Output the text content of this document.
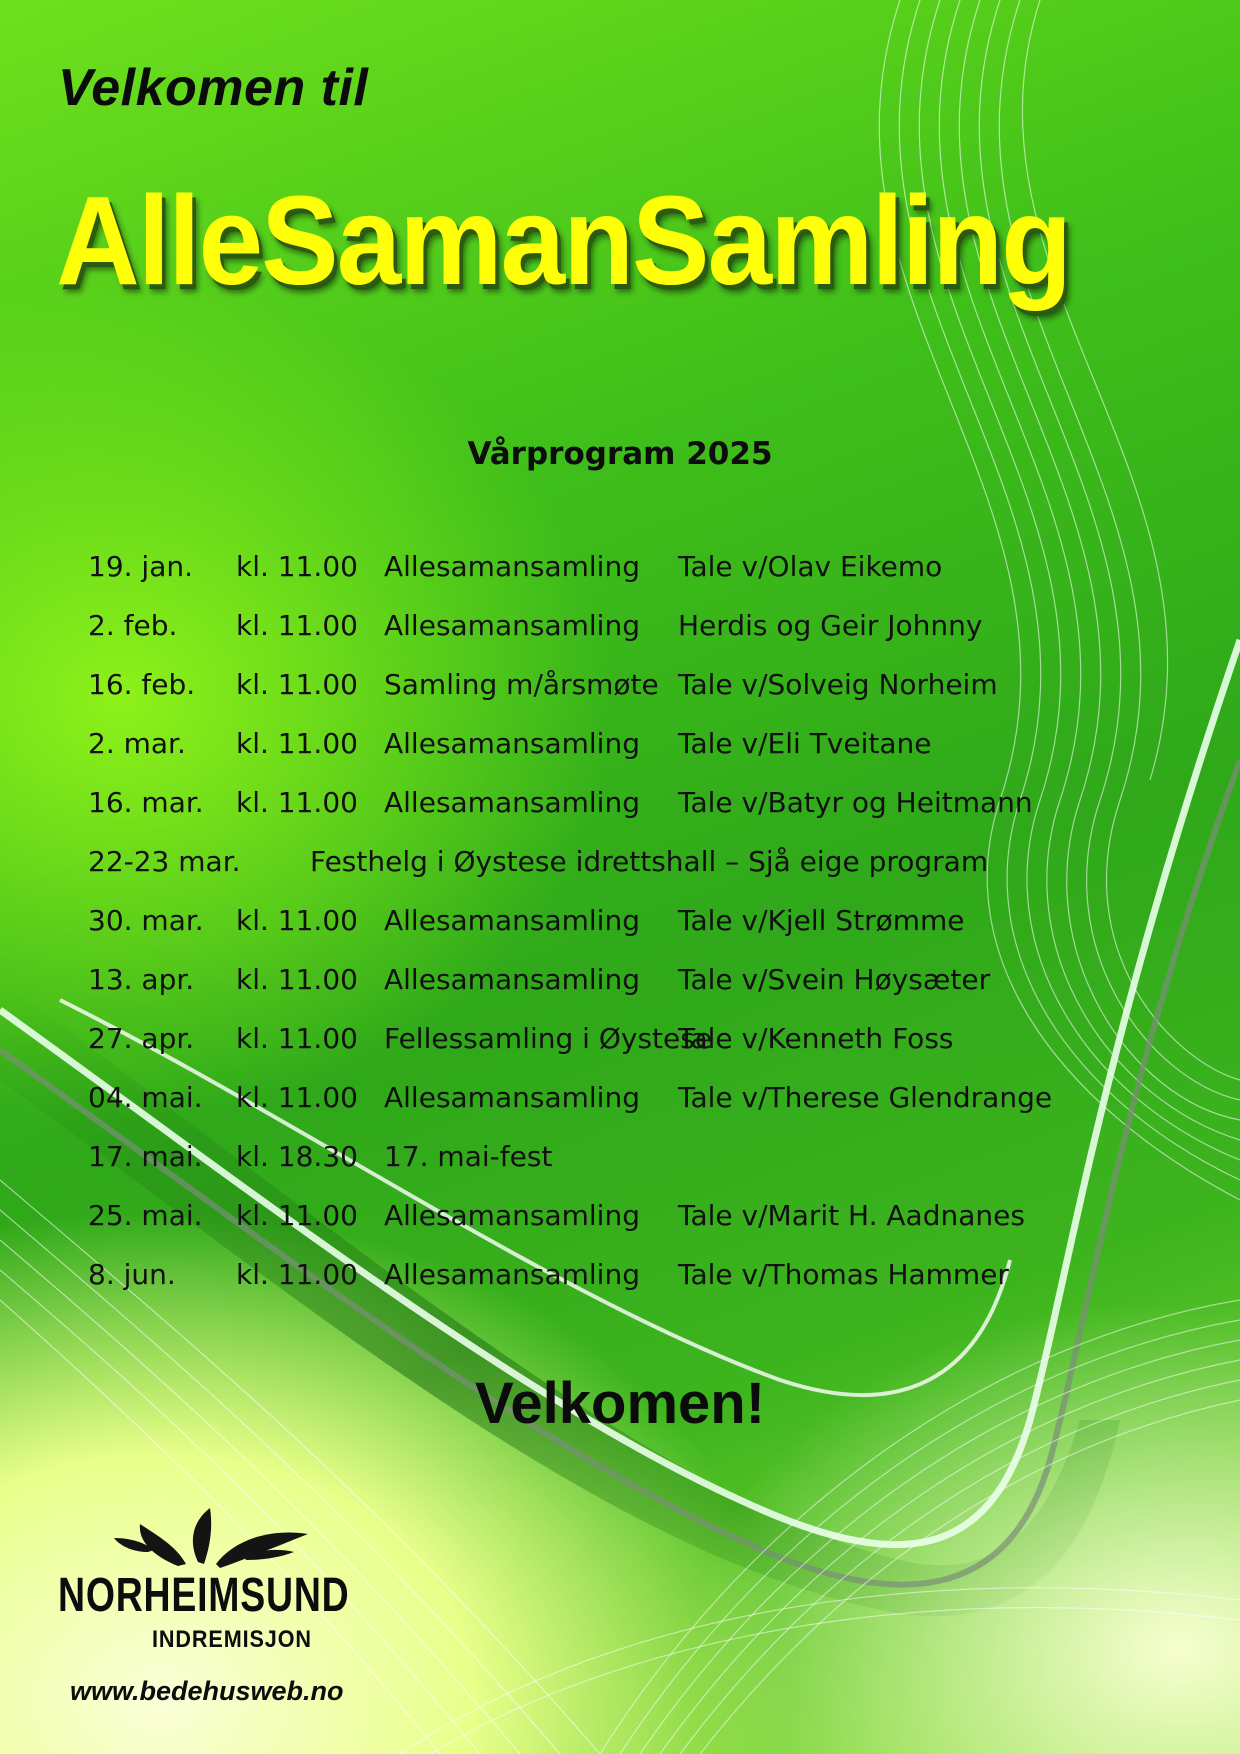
Velkomen til
AlleSamanSamling
Vårprogram 2025
19. jan. kl. 11.00 Allesamansamling Tale v/Olav Eikemo
2. feb. kl. 11.00 Allesamansamling Herdis og Geir Johnny
16. feb. kl. 11.00 Samling m/årsmøte Tale v/Solveig Norheim
2. mar. kl. 11.00 Allesamansamling Tale v/Eli Tveitane
16. mar. kl. 11.00 Allesamansamling Tale v/Batyr og Heitmann
22-23 mar. Festhelg i Øystese idrettshall – Sjå eige program
30. mar. kl. 11.00 Allesamansamling Tale v/Kjell Strømme
13. apr. kl. 11.00 Allesamansamling Tale v/Svein Høysæter
27. apr. kl. 11.00 Fellessamling i Øystese
Tale v/Kenneth Foss
04. mai. kl. 11.00 Allesamansamling Tale v/Therese Glendrange
17. mai. kl. 18.30 17. mai-fest
25. mai. kl. 11.00 Allesamansamling Tale v/Marit H. Aadnanes
8. jun. kl. 11.00 Allesamansamling Tale v/Thomas Hammer
Velkomen!
NORHEIMSUND
INDREMISJON
www.bedehusweb.no
